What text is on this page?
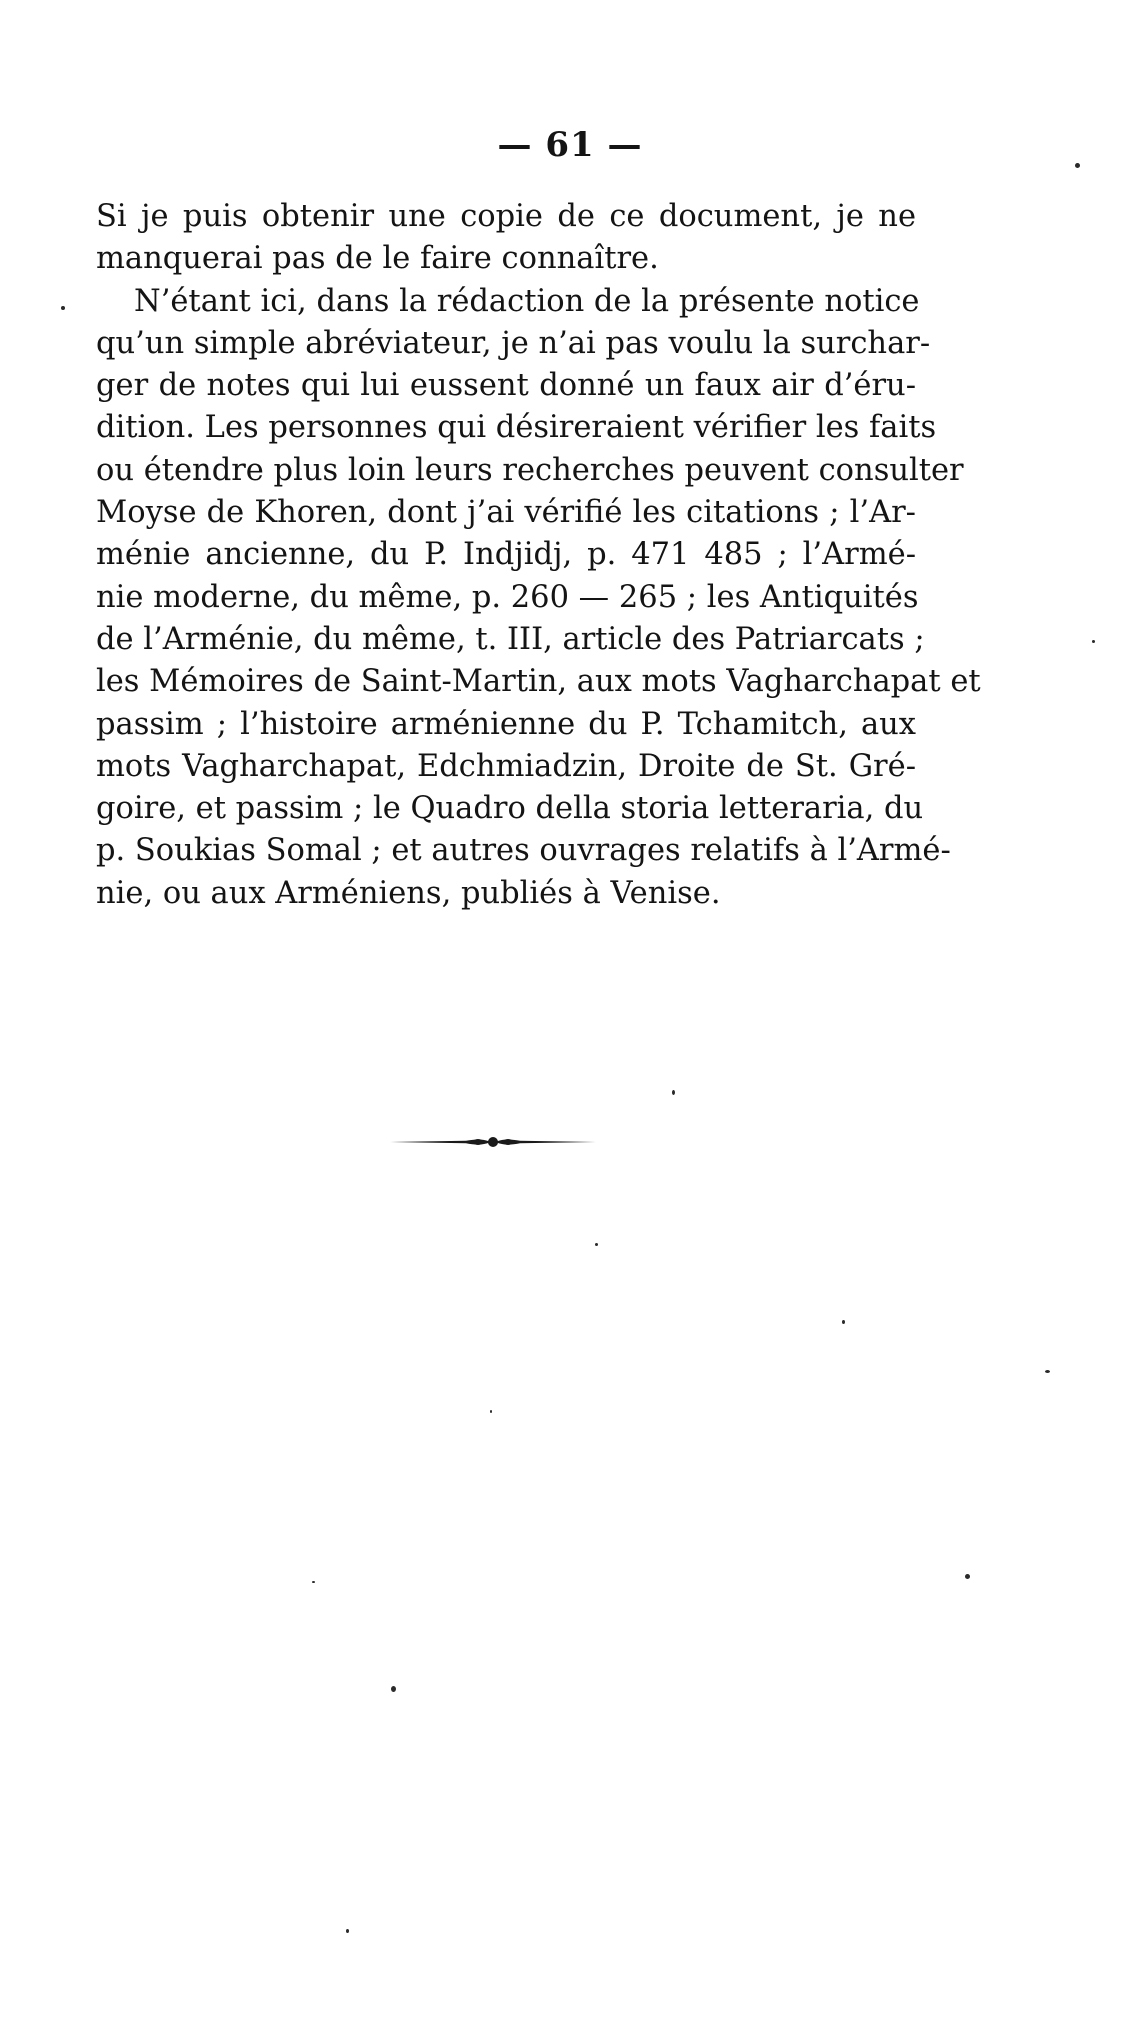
— 61 —
Si je puis obtenir une copie de ce document, je ne
manquerai pas de le faire connaître.
N’étant ici, dans la rédaction de la présente notice
qu’un simple abréviateur, je n’ai pas voulu la surchar-
ger de notes qui lui eussent donné un faux air d’éru-
dition. Les personnes qui désireraient vérifier les faits
ou étendre plus loin leurs recherches peuvent consulter
Moyse de Khoren, dont j’ai vérifié les citations ; l’Ar-
ménie ancienne, du P. Indjidj, p. 471 485 ; l’Armé-
nie moderne, du même, p. 260 — 265 ; les Antiquités
de l’Arménie, du même, t. III, article des Patriarcats ;
les Mémoires de Saint-Martin, aux mots Vagharchapat et
passim ; l’histoire arménienne du P. Tchamitch, aux
mots Vagharchapat, Edchmiadzin, Droite de St. Gré-
goire, et passim ; le Quadro della storia letteraria, du
p. Soukias Somal ; et autres ouvrages relatifs à l’Armé-
nie, ou aux Arméniens, publiés à Venise.
